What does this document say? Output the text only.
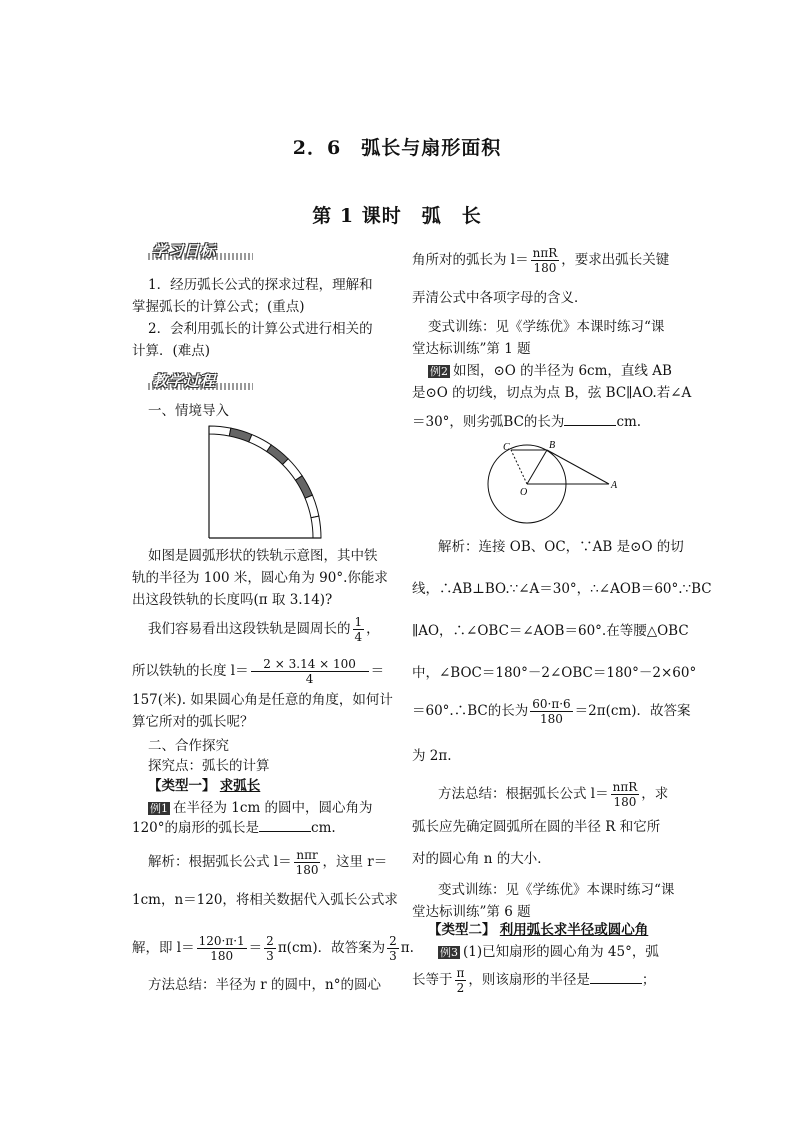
2．6　弧长与扇形面积
第 1 课时　弧　长
学习目标
1．经历弧长公式的探求过程，理解和
掌握弧长的计算公式；(重点)
2．会利用弧长的计算公式进行相关的
计算．(难点)
教学过程
一、情境导入
如图是圆弧形状的铁轨示意图，其中铁
轨的半径为 100 米，圆心角为 90°.你能求
出这段铁轨的长度吗(π 取 3.14)?
我们容易看出这段铁轨是圆周长的 $\frac{1}{4}$ ，
所以铁轨的长度 $l= \frac{2 \times 3.14 \times 100}{4}$ ＝
157(米). 如果圆心角是任意的角度，如何计
算它所对的弧长呢？
二、合作探究
探究点：弧长的计算
【类型一】 求弧长
例1 在半径为 1cm 的圆中，圆心角为
120°的扇形的弧长是	cm.
解析：根据弧长公式 $l= \frac{\text{nπr}}{180}$ ，这里 r＝
1cm，n＝120，将相关数据代入弧长公式求
解，即 $l= \frac{120\cdot\pi\cdot 1}{180} = \frac{2}{3} \pi(cm)$．故答案为 $\frac{2}{3} \pi$.
方法总结：半径为 r 的圆中，n°的圆心
角所对的弧长为 $l= \frac{\text{nπR}}{180}$ ，要求出弧长关键
弄清公式中各项字母的含义．
变式训练：见《学练优》本课时练习“课
堂达标训练”第 1 题
例2 如图，⊙O 的半径为 6cm，直线 AB
是⊙O 的切线，切点为点 B，弦 BC∥AO.若∠A
＝30°，则劣弧BC的长为	cm.
C	B
O
A
解析：连接 OB、OC，∵AB 是⊙O 的切
线，∴AB⊥BO.∵∠A＝30°，∴∠AOB＝60°.∵BC
∥AO，∴∠OBC＝∠AOB＝60°.在等腰△OBC
中，∠BOC＝180°－2∠OBC＝180°－2×60°
＝60°.∴BC的长为 $\frac{60\cdot\pi\cdot 6}{180} =2\pi(cm)$．故答案
为 2π.
方法总结：根据弧长公式 $l= \frac{\text{nπR}}{180}$ ，求
弧长应先确定圆弧所在圆的半径 R 和它所
对的圆心角 n 的大小．
变式训练：见《学练优》本课时练习“课
堂达标训练”第 6 题
【类型二】 利用弧长求半径或圆心角
例3 (1)已知扇形的圆心角为 45°，弧
长等于 $\frac{\pi}{2}$ ，则该扇形的半径是	；
